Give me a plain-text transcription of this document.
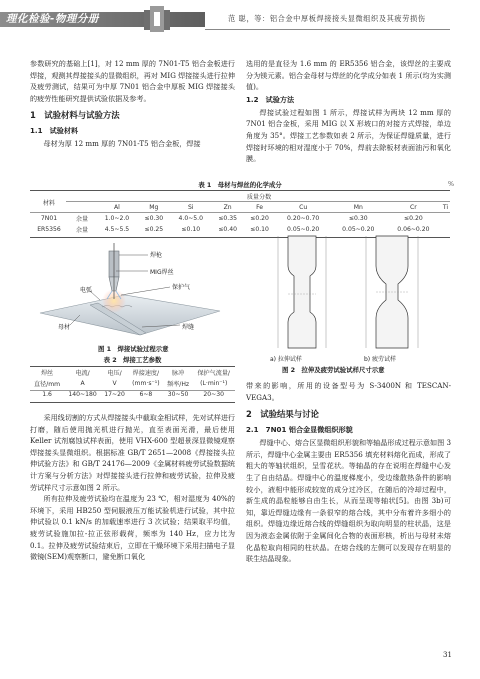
理化检验-物理分册	范 聪，等：铝合金中厚板焊接接头显微组织及其疲劳损伤

参数研究的基础上[1]，对 12 mm 厚的 7N01-T5 铝合金板进行焊接，观测其焊接接头的显微组织，再对 MIG 焊接接头进行拉伸及疲劳测试，结果可为中厚 7N01 铝合金中厚板 MIG 焊接接头的疲劳性能研究提供试验依据及参考。

1　试验材料与试验方法
1.1　试验材料

母材为厚 12 mm 厚的 7N01-T5 铝合金板，焊接

选用的是直径为 1.6 mm 的 ER5356 铝合金，该焊丝的主要成分为镁元素。铝合金母材与焊丝的化学成分如表 1 所示(均为实测值)。

1.2　试验方法

焊接试验过程如图 1 所示，焊接试样为两块 12 mm 厚的 7N01 铝合金板，采用 MIG 以 X 形坡口的对接方式焊接，单边角度为 35°。焊接工艺参数如表 2 所示，为保证焊缝质量，进行焊接时环境的相对湿度小于 70%，焊前去除板材表面油污和氧化膜。

表 1　母材与焊丝的化学成分	%
材料	质量分数									
		Al	Mg	Si	Zn	Fe	Cu	Mn	Cr	Ti
7N01	余量	1.0~2.0	≤0.30	4.0~5.0	≤0.35	≤0.20	0.20~0.70	≤0.30	≤0.20	
ER5356	余量	4.5~5.5	≤0.25	≤0.10	≤0.40	≤0.10	0.05~0.20	0.05~0.20	0.06~0.20	
焊枪
MIG焊丝
保护气
电弧
母材	焊缝
图 1　焊接试验过程示意
表 2　焊接工艺参数
焊丝	电流/	电压/	焊接速度/	脉冲	保护气流量/
直径/mm	A	V	(mm·s⁻¹)	频率/Hz	(L·min⁻¹)
1.6	140~180	17~20	6~8	30~50	20~30
a) 拉伸试样	b) 疲劳试样
图 2　拉伸及疲劳试验试样尺寸示意

采用线切割的方式从焊接接头中截取金相试样，先对试样进行打磨，随后使用抛光机进行抛光，直至表面光滑，最后使用 Keller 试剂腐蚀试样表面，使用 VHX-600 型超景深显微镜观察焊接接头显微组织。根据标准 GB/T 2651—2008《焊接接头拉伸试验方法》和 GB/T 24176—2009《金属材料疲劳试验数据统计方案与分析方法》对焊接接头进行拉伸和疲劳试验，拉伸及疲劳试样尺寸示意如图 2 所示。

所有拉伸及疲劳试验均在温度为 23 ℃，相对湿度为 40%的环境下，采用 HB250 型伺服液压万能试验机进行试验，其中拉伸试验以 0.1 kN/s 的加载速率进行 3 次试验；结果取平均值，疲劳试验施加拉-拉正弦形载荷，频率为 140 Hz，应力比为 0.1。拉伸及疲劳试验结束后，立即在干燥环境下采用扫描电子显微镜(SEM)观察断口，避免断口氧化

带来的影响，所用的设备型号为 S-3400N 和 TESCAN-VEGA3。

2　试验结果与讨论
2.1　7N01 铝合金显微组织形貌

焊缝中心、熔合区显微组织形貌和等轴晶形成过程示意如图 3 所示，焊缝中心金属主要由 ER5356 填充材料熔化而成，形成了粗大的等轴状组织，呈雪花状。等轴晶的存在说明在焊缝中心发生了自由结晶。焊缝中心的温度梯度小，受边缘散热条件的影响较小，液相中能形成较宽的成分过冷区，在随后的冷却过程中，新生成的晶粒能够自由生长，从而呈现等轴状[5]。由图 3b)可知，靠近焊缝边缘有一条很窄的熔合线，其中分布着许多细小的组织。焊缝边缘近熔合线的焊缝组织为取向明显的柱状晶，这是因为液态金属依附于金属间化合物的表面形核，析出与母材未熔化晶粒取向相同的柱状晶。在熔合线的左侧可以发现存在明显的联生结晶现象。

31
